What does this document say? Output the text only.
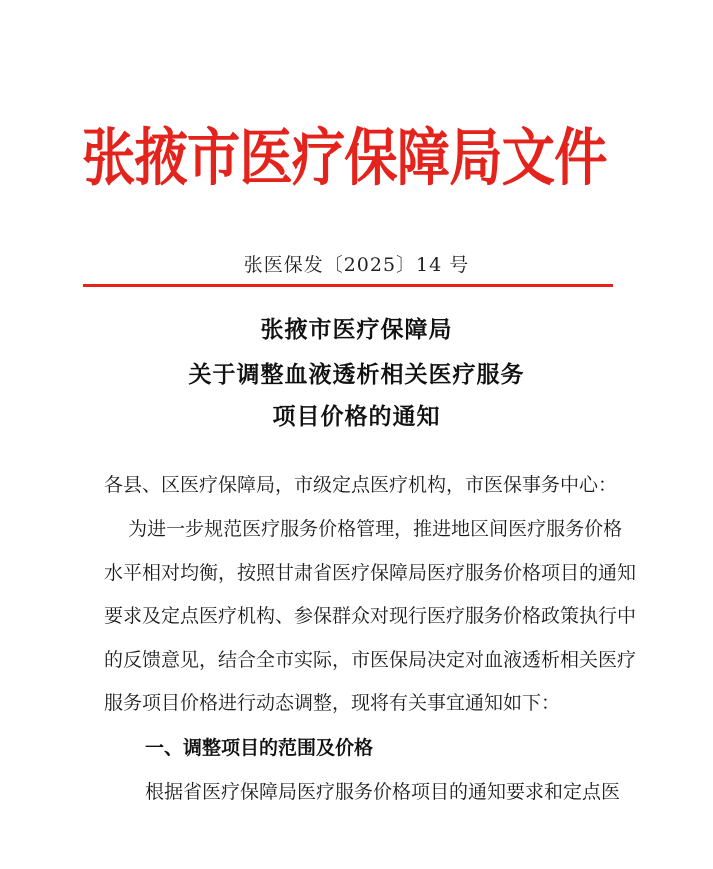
张掖市医疗保障局文件
张医保发〔2025〕14 号
张掖市医疗保障局
关于调整血液透析相关医疗服务
项目价格的通知
各县、区医疗保障局，市级定点医疗机构，市医保事务中心：
为进一步规范医疗服务价格管理，推进地区间医疗服务价格
水平相对均衡，按照甘肃省医疗保障局医疗服务价格项目的通知
要求及定点医疗机构、参保群众对现行医疗服务价格政策执行中
的反馈意见，结合全市实际，市医保局决定对血液透析相关医疗
服务项目价格进行动态调整，现将有关事宜通知如下：
一、调整项目的范围及价格
根据省医疗保障局医疗服务价格项目的通知要求和定点医
